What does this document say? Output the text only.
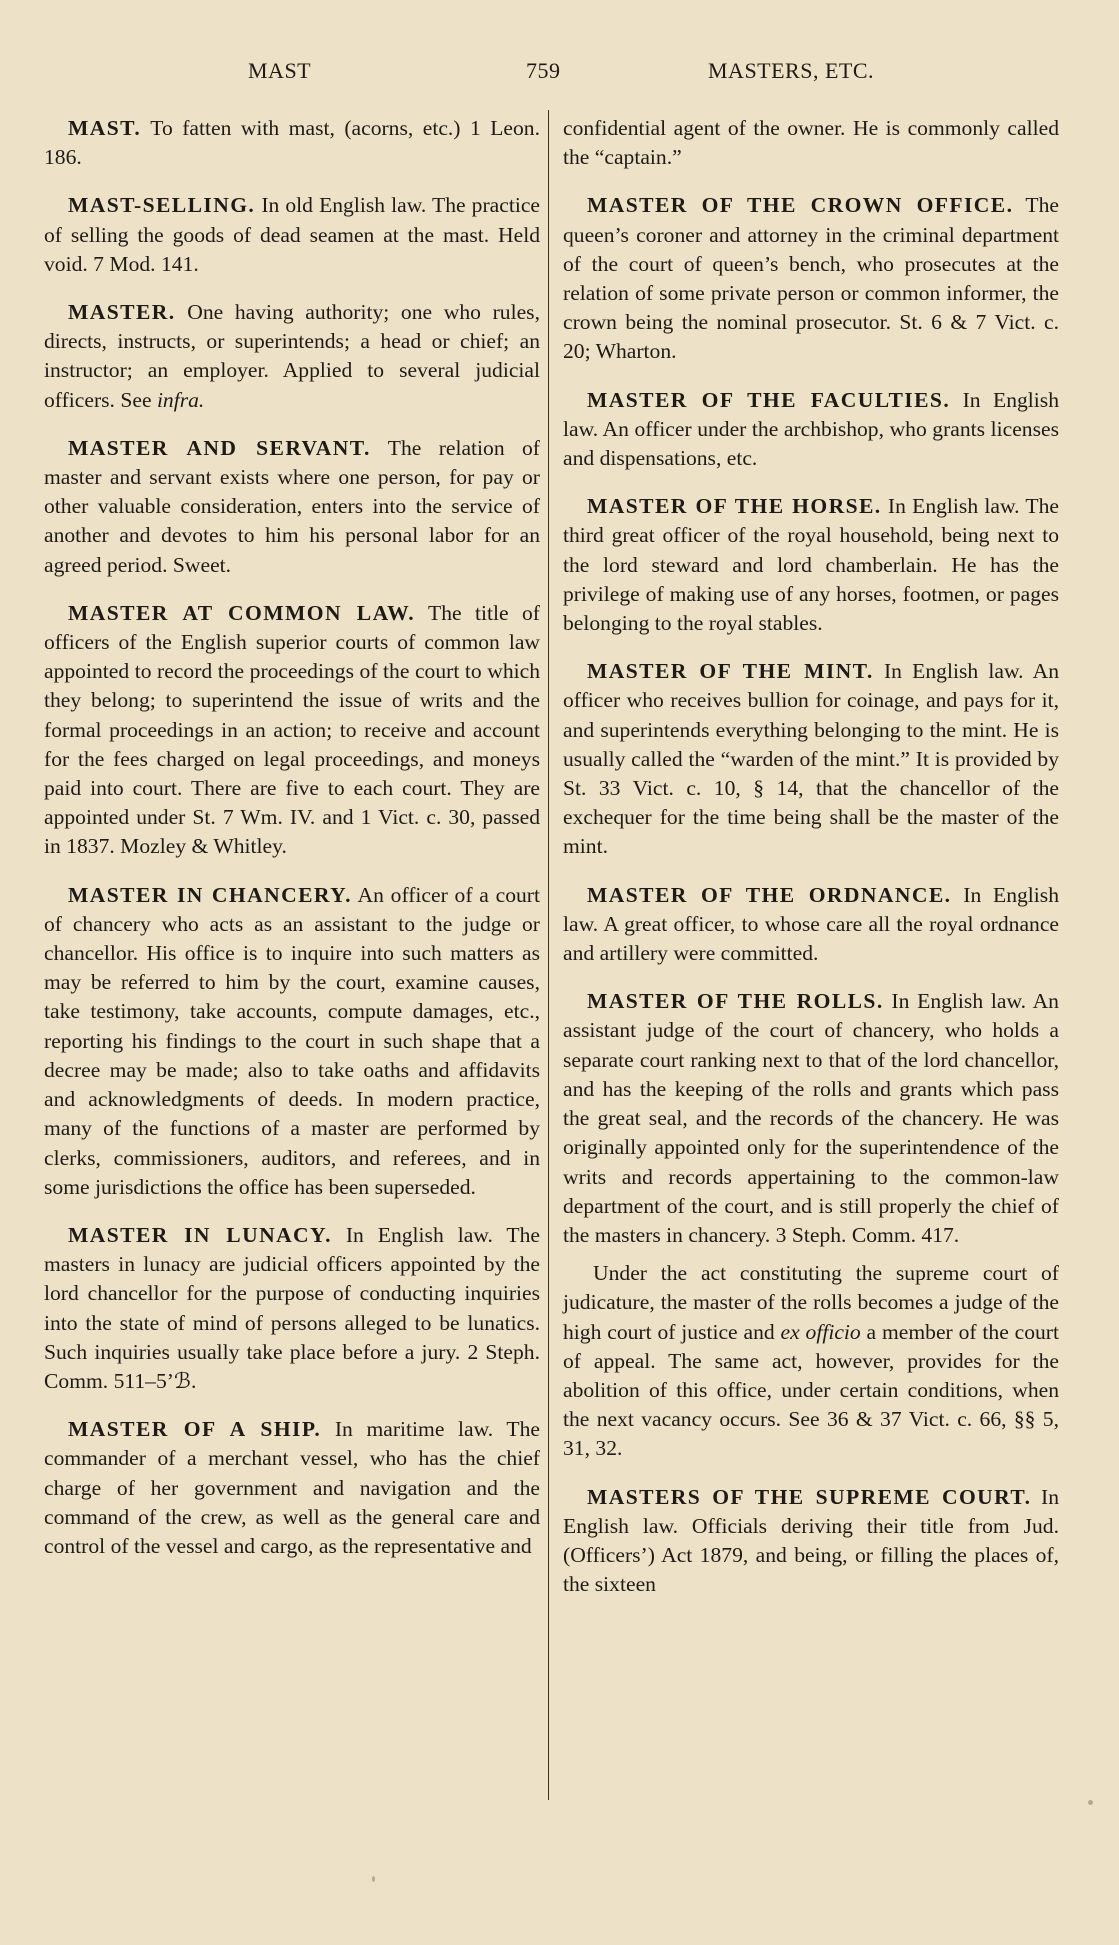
MAST	759	MASTERS, ETC.

MAST. To fatten with mast, (acorns, etc.) 1 Leon. 186.

MAST-SELLING. In old English law. The practice of selling the goods of dead seamen at the mast. Held void. 7 Mod. 141.

MASTER. One having authority; one who rules, directs, instructs, or superintends; a head or chief; an instructor; an employer. Applied to several judicial officers. See infra.

MASTER AND SERVANT. The relation of master and servant exists where one person, for pay or other valuable consideration, enters into the service of another and devotes to him his personal labor for an agreed period. Sweet.

MASTER AT COMMON LAW. The title of officers of the English superior courts of common law appointed to record the proceedings of the court to which they belong; to superintend the issue of writs and the formal proceedings in an action; to receive and account for the fees charged on legal proceedings, and moneys paid into court. There are five to each court. They are appointed under St. 7 Wm. IV. and 1 Vict. c. 30, passed in 1837. Mozley & Whitley.

MASTER IN CHANCERY. An officer of a court of chancery who acts as an assistant to the judge or chancellor. His office is to inquire into such matters as may be referred to him by the court, examine causes, take testimony, take accounts, compute damages, etc., reporting his findings to the court in such shape that a decree may be made; also to take oaths and affidavits and acknowledgments of deeds. In modern practice, many of the functions of a master are performed by clerks, commissioners, auditors, and referees, and in some jurisdictions the office has been superseded.

MASTER IN LUNACY. In English law. The masters in lunacy are judicial officers appointed by the lord chancellor for the purpose of conducting inquiries into the state of mind of persons alleged to be lunatics. Such inquiries usually take place before a jury. 2 Steph. Comm. 511–5’ℬ.

MASTER OF A SHIP. In maritime law. The commander of a merchant vessel, who has the chief charge of her government and navigation and the command of the crew, as well as the general care and control of the vessel and cargo, as the representative and

confidential agent of the owner. He is commonly called the “captain.”

MASTER OF THE CROWN OFFICE. The queen’s coroner and attorney in the criminal department of the court of queen’s bench, who prosecutes at the relation of some private person or common informer, the crown being the nominal prosecutor. St. 6 & 7 Vict. c. 20; Wharton.

MASTER OF THE FACULTIES. In English law. An officer under the archbishop, who grants licenses and dispensations, etc.

MASTER OF THE HORSE. In English law. The third great officer of the royal household, being next to the lord steward and lord chamberlain. He has the privilege of making use of any horses, footmen, or pages belonging to the royal stables.

MASTER OF THE MINT. In English law. An officer who receives bullion for coinage, and pays for it, and superintends everything belonging to the mint. He is usually called the “warden of the mint.” It is provided by St. 33 Vict. c. 10, § 14, that the chancellor of the exchequer for the time being shall be the master of the mint.

MASTER OF THE ORDNANCE. In English law. A great officer, to whose care all the royal ordnance and artillery were committed.

MASTER OF THE ROLLS. In English law. An assistant judge of the court of chancery, who holds a separate court ranking next to that of the lord chancellor, and has the keeping of the rolls and grants which pass the great seal, and the records of the chancery. He was originally appointed only for the superintendence of the writs and records appertaining to the common-law department of the court, and is still properly the chief of the masters in chancery. 3 Steph. Comm. 417.

Under the act constituting the supreme court of judicature, the master of the rolls becomes a judge of the high court of justice and ex officio a member of the court of appeal. The same act, however, provides for the abolition of this office, under certain conditions, when the next vacancy occurs. See 36 & 37 Vict. c. 66, §§ 5, 31, 32.

MASTERS OF THE SUPREME COURT. In English law. Officials deriving their title from Jud. (Officers’) Act 1879, and being, or filling the places of, the sixteen
